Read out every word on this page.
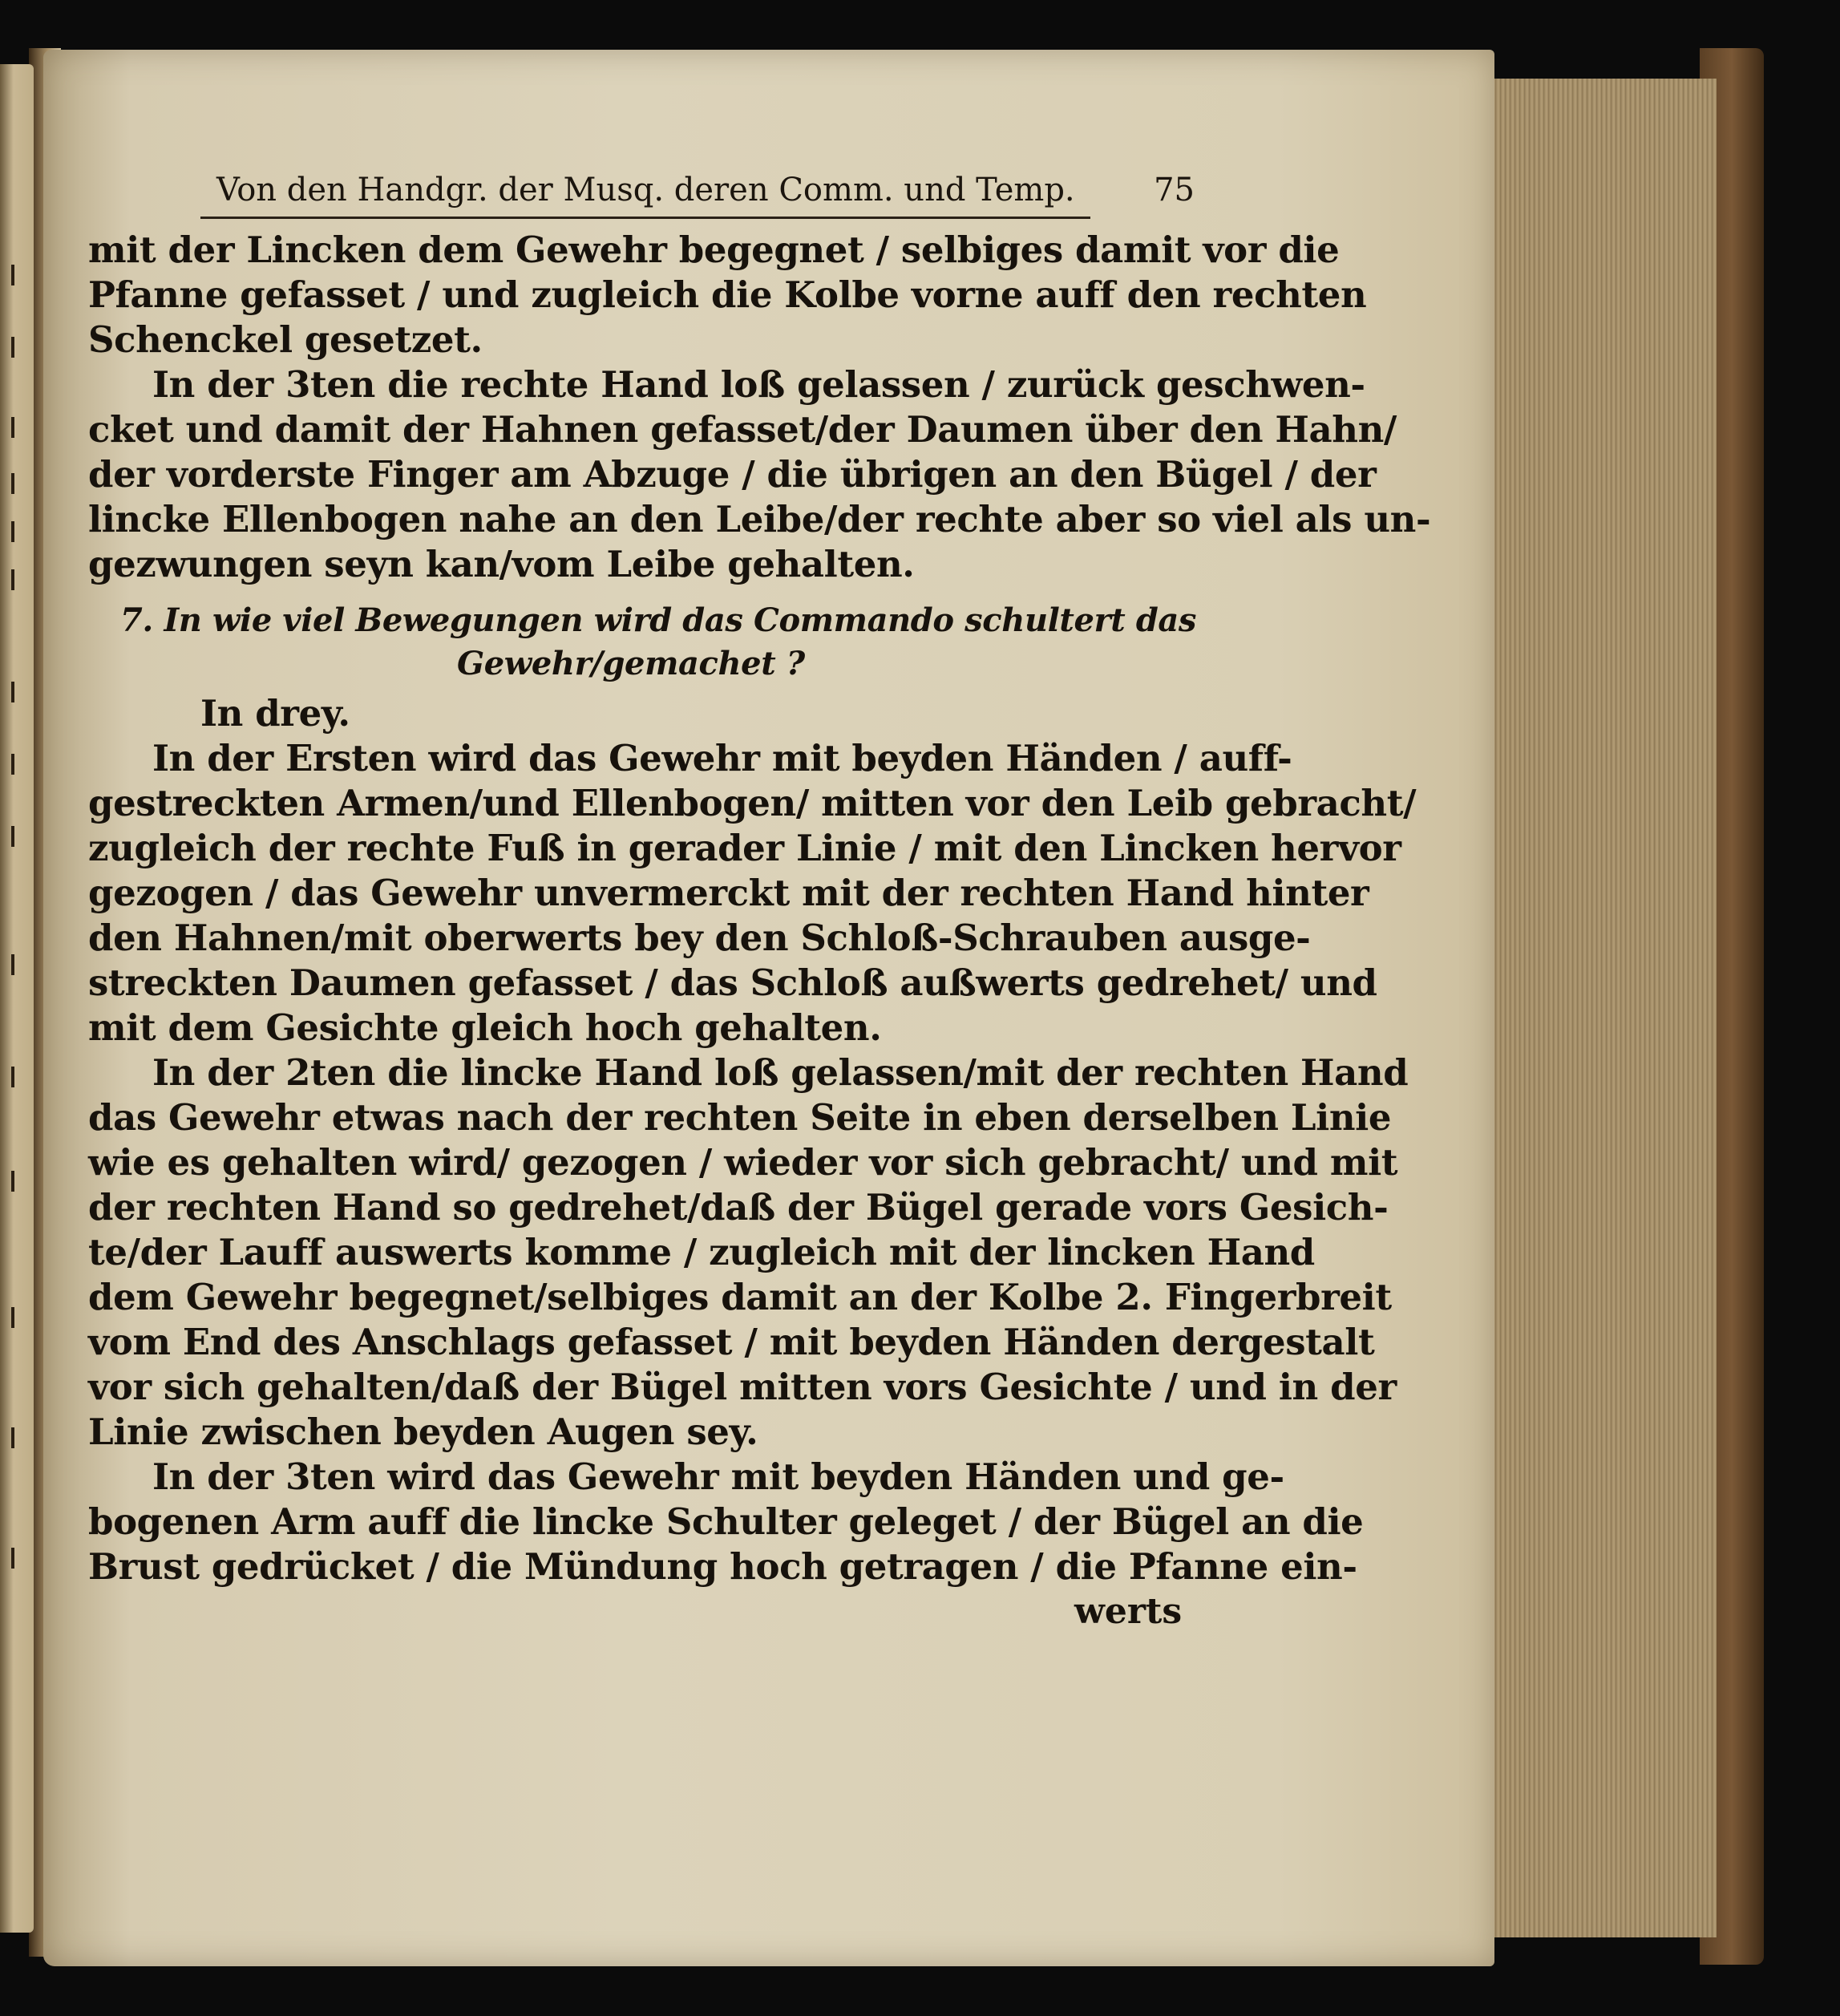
Von den Handgr. der Musq. deren Comm. und Temp. 75
mit der Lincken dem Gewehr begegnet / selbiges damit vor die
Pfanne gefasset / und zugleich die Kolbe vorne auff den rechten
Schenckel gesetzet.
In der 3ten die rechte Hand loß gelassen / zurück geschwen-
cket und damit der Hahnen gefasset/der Daumen über den Hahn/
der vorderste Finger am Abzuge / die übrigen an den Bügel / der
lincke Ellenbogen nahe an den Leibe/der rechte aber so viel als un-
gezwungen seyn kan/vom Leibe gehalten.
7. In wie viel Bewegungen wird das Commando schultert das
Gewehr/gemachet ?
In drey.
In der Ersten wird das Gewehr mit beyden Händen / auff-
gestreckten Armen/und Ellenbogen/ mitten vor den Leib gebracht/
zugleich der rechte Fuß in gerader Linie / mit den Lincken hervor
gezogen / das Gewehr unvermerckt mit der rechten Hand hinter
den Hahnen/mit oberwerts bey den Schloß-Schrauben ausge-
streckten Daumen gefasset / das Schloß außwerts gedrehet/ und
mit dem Gesichte gleich hoch gehalten.
In der 2ten die lincke Hand loß gelassen/mit der rechten Hand
das Gewehr etwas nach der rechten Seite in eben derselben Linie
wie es gehalten wird/ gezogen / wieder vor sich gebracht/ und mit
der rechten Hand so gedrehet/daß der Bügel gerade vors Gesich-
te/der Lauff auswerts komme / zugleich mit der lincken Hand
dem Gewehr begegnet/selbiges damit an der Kolbe 2. Fingerbreit
vom End des Anschlags gefasset / mit beyden Händen dergestalt
vor sich gehalten/daß der Bügel mitten vors Gesichte / und in der
Linie zwischen beyden Augen sey.
In der 3ten wird das Gewehr mit beyden Händen und ge-
bogenen Arm auff die lincke Schulter geleget / der Bügel an die
Brust gedrücket / die Mündung hoch getragen / die Pfanne ein-
werts
